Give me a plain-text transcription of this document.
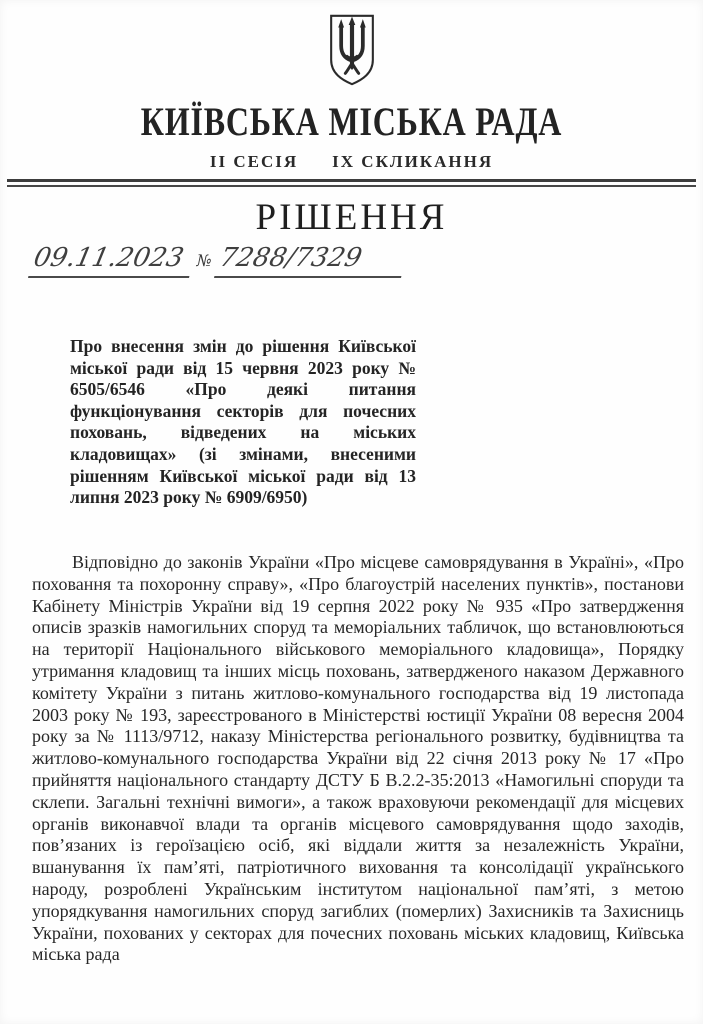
КИЇВСЬКА МІСЬКА РАДА
ІІ СЕСІЯ ІХ СКЛИКАННЯ
РІШЕННЯ
09.11.2023 № 7288/7329
Про внесення змін до рішення Київської міської ради від 15 червня 2023 року № 6505/6546 «Про деякі питання функціонування секторів для почесних поховань, відведених на міських кладовищах» (зі змінами, внесеними рішенням Київської міської ради від 13 липня 2023 року № 6909/6950)
Відповідно до законів України «Про місцеве самоврядування в Україні», «Про поховання та похоронну справу», «Про благоустрій населених пунктів», постанови Кабінету Міністрів України від 19 серпня 2022 року № 935 «Про затвердження описів зразків намогильних споруд та меморіальних табличок, що встановлюються на території Національного військового меморіального кладовища», Порядку утримання кладовищ та інших місць поховань, затвердженого наказом Державного комітету України з питань житлово-комунального господарства від 19 листопада 2003 року № 193, зареєстрованого в Міністерстві юстиції України 08 вересня 2004 року за № 1113/9712, наказу Міністерства регіонального розвитку, будівництва та житлово-комунального господарства України від 22 січня 2013 року № 17 «Про прийняття національного стандарту ДСТУ Б В.2.2-35:2013 «Намогильні споруди та склепи. Загальні технічні вимоги», а також враховуючи рекомендації для місцевих органів виконавчої влади та органів місцевого самоврядування щодо заходів, пов’язаних із героїзацією осіб, які віддали життя за незалежність України, вшанування їх пам’яті, патріотичного виховання та консолідації українського народу, розроблені Українським інститутом національної пам’яті, з метою упорядкування намогильних споруд загиблих (померлих) Захисників та Захисниць України, похованих у секторах для почесних поховань міських кладовищ, Київська міська рада
